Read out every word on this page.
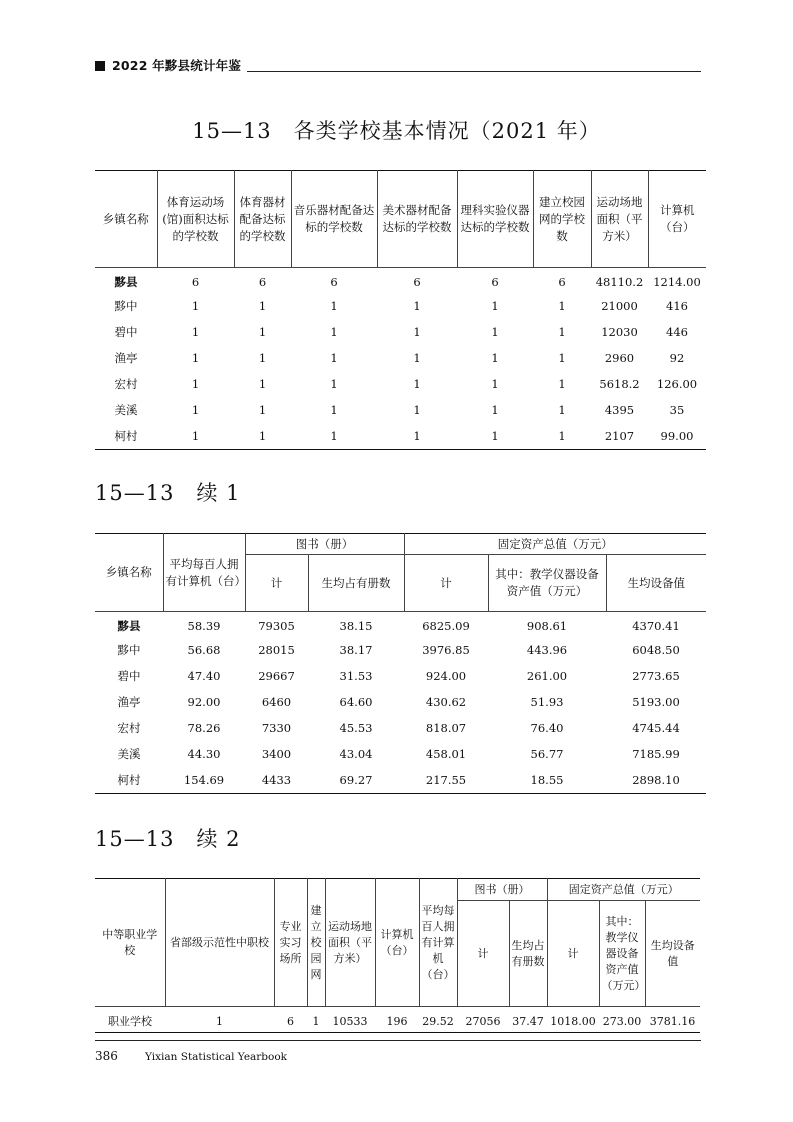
2022 年黟县统计年鉴
15—13　各类学校基本情况（2021 年）
乡镇名称	体育运动场(馆)面积达标的学校数	体育器材配备达标的学校数	音乐器材配备达标的学校数	美术器材配备达标的学校数	理科实验仪器达标的学校数	建立校园网的学校数	运动场地面积（平方米）	计算机（台）
黟县	6	6	6	6	6	6	48110.2	1214.00
黟中	1	1	1	1	1	1	21000	416
碧中	1	1	1	1	1	1	12030	446
渔亭	1	1	1	1	1	1	2960	92
宏村	1	1	1	1	1	1	5618.2	126.00
美溪	1	1	1	1	1	1	4395	35
柯村	1	1	1	1	1	1	2107	99.00
15—13　续 1
乡镇名称	平均每百人拥有计算机（台）	图书（册）		固定资产总值（万元）		
		计	生均占有册数	计	其中：教学仪器设备资产值（万元）	生均设备值
黟县	58.39	79305	38.15	6825.09	908.61	4370.41
黟中	56.68	28015	38.17	3976.85	443.96	6048.50
碧中	47.40	29667	31.53	924.00	261.00	2773.65
渔亭	92.00	6460	64.60	430.62	51.93	5193.00
宏村	78.26	7330	45.53	818.07	76.40	4745.44
美溪	44.30	3400	43.04	458.01	56.77	7185.99
柯村	154.69	4433	69.27	217.55	18.55	2898.10
15—13　续 2
中等职业学校	省部级示范性中职校	专业实习场所	建立校园网	运动场地面积（平方米）	计算机（台）	平均每百人拥有计算机（台）	图书（册）		固定资产总值（万元）		
							计	生均占有册数	计	其中：教学仪器设备资产值（万元）	生均设备值
职业学校	1	6	1	10533	196	29.52	27056	37.47	1018.00	273.00	3781.16
386	Yixian Statistical Yearbook
